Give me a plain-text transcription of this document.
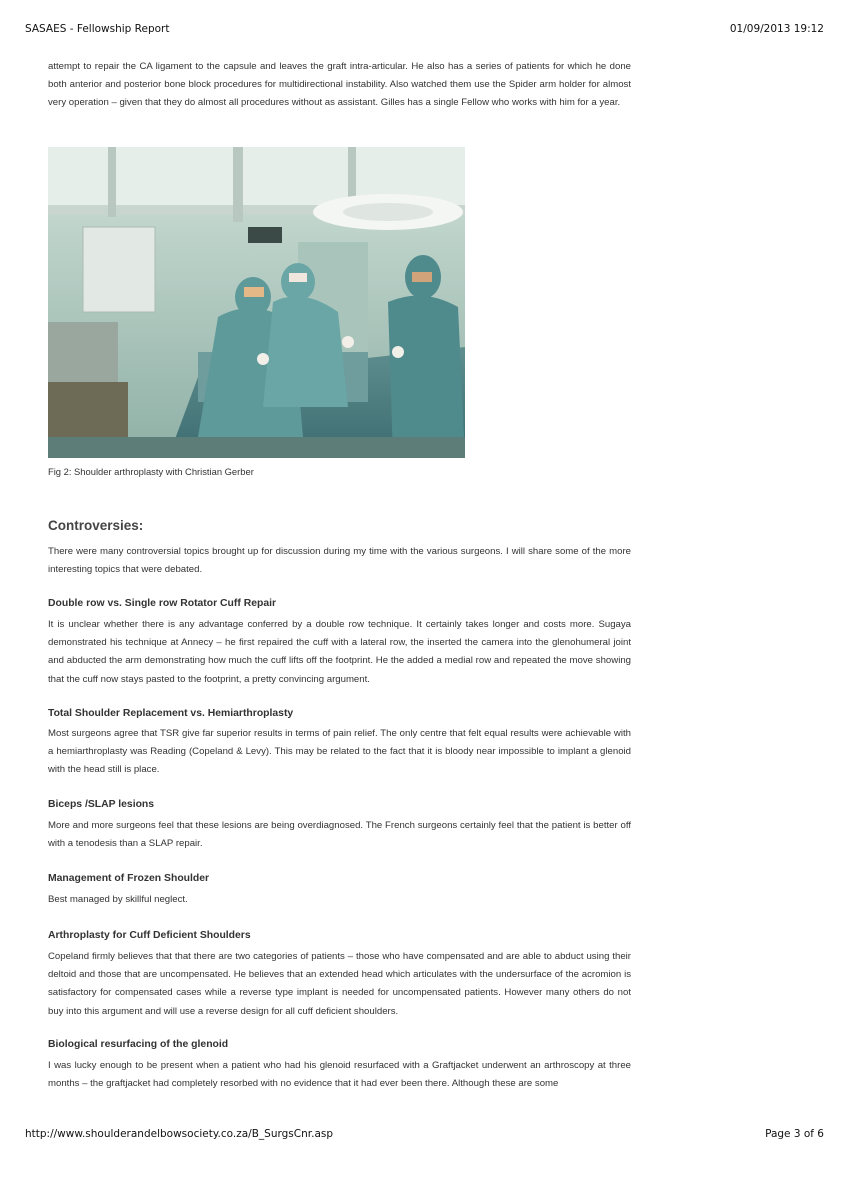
SASAES - Fellowship Report	01/09/2013 19:12

attempt to repair the CA ligament to the capsule and leaves the graft intra-articular. He also has a series of patients for which he done both anterior and posterior bone block procedures for multidirectional instability. Also watched them use the Spider arm holder for almost very operation – given that they do almost all procedures without as assistant. Gilles has a single Fellow who works with him for a year.

Fig 2: Shoulder arthroplasty with Christian Gerber

Controversies:

There were many controversial topics brought up for discussion during my time with the various surgeons. I will share some of the more interesting topics that were debated.

Double row vs. Single row Rotator Cuff Repair

It is unclear whether there is any advantage conferred by a double row technique. It certainly takes longer and costs more. Sugaya demonstrated his technique at Annecy – he first repaired the cuff with a lateral row, the inserted the camera into the glenohumeral joint and abducted the arm demonstrating how much the cuff lifts off the footprint. He the added a medial row and repeated the move showing that the cuff now stays pasted to the footprint, a pretty convincing argument.

Total Shoulder Replacement vs. Hemiarthroplasty

Most surgeons agree that TSR give far superior results in terms of pain relief. The only centre that felt equal results were achievable with a hemiarthroplasty was Reading (Copeland & Levy). This may be related to the fact that it is bloody near impossible to implant a glenoid with the head still is place.

Biceps /SLAP lesions

More and more surgeons feel that these lesions are being overdiagnosed. The French surgeons certainly feel that the patient is better off with a tenodesis than a SLAP repair.

Management of Frozen Shoulder

Best managed by skillful neglect.

Arthroplasty for Cuff Deficient Shoulders

Copeland firmly believes that that there are two categories of patients – those who have compensated and are able to abduct using their deltoid and those that are uncompensated. He believes that an extended head which articulates with the undersurface of the acromion is satisfactory for compensated cases while a reverse type implant is needed for uncompensated patients. However many others do not buy into this argument and will use a reverse design for all cuff deficient shoulders.

Biological resurfacing of the glenoid

I was lucky enough to be present when a patient who had his glenoid resurfaced with a Graftjacket underwent an arthroscopy at three months – the graftjacket had completely resorbed with no evidence that it had ever been there. Although these are some

http://www.shoulderandelbowsociety.co.za/B_SurgsCnr.asp	Page 3 of 6
